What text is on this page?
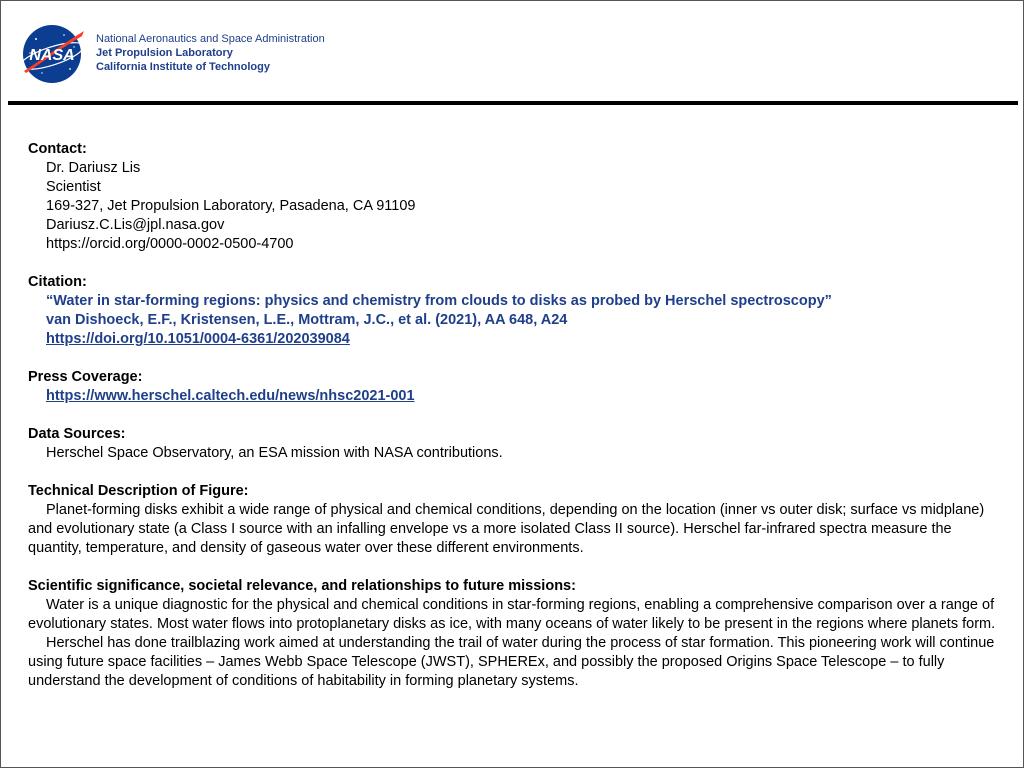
NASA
National Aeronautics and Space Administration
Jet Propulsion Laboratory
California Institute of Technology
Contact:
Dr. Dariusz Lis
Scientist
169-327, Jet Propulsion Laboratory, Pasadena, CA 91109
Dariusz.C.Lis@jpl.nasa.gov
https://orcid.org/0000-0002-0500-4700
Citation:
“Water in star-forming regions: physics and chemistry from clouds to disks as probed by Herschel spectroscopy”
van Dishoeck, E.F., Kristensen, L.E., Mottram, J.C., et al. (2021), AA 648, A24
https://doi.org/10.1051/0004-6361/202039084
Press Coverage:
https://www.herschel.caltech.edu/news/nhsc2021-001
Data Sources:
Herschel Space Observatory, an ESA mission with NASA contributions.
Technical Description of Figure:
Planet-forming disks exhibit a wide range of physical and chemical conditions, depending on the location (inner vs outer disk; surface vs midplane) and evolutionary state (a Class I source with an infalling envelope vs a more isolated Class II source). Herschel far-infrared spectra measure the quantity, temperature, and density of gaseous water over these different environments.
Scientific significance, societal relevance, and relationships to future missions:
Water is a unique diagnostic for the physical and chemical conditions in star-forming regions, enabling a comprehensive comparison over a range of evolutionary states. Most water flows into protoplanetary disks as ice, with many oceans of water likely to be present in the regions where planets form.
Herschel has done trailblazing work aimed at understanding the trail of water during the process of star formation. This pioneering work will continue using future space facilities – James Webb Space Telescope (JWST), SPHEREx, and possibly the proposed Origins Space Telescope – to fully understand the development of conditions of habitability in forming planetary systems.
